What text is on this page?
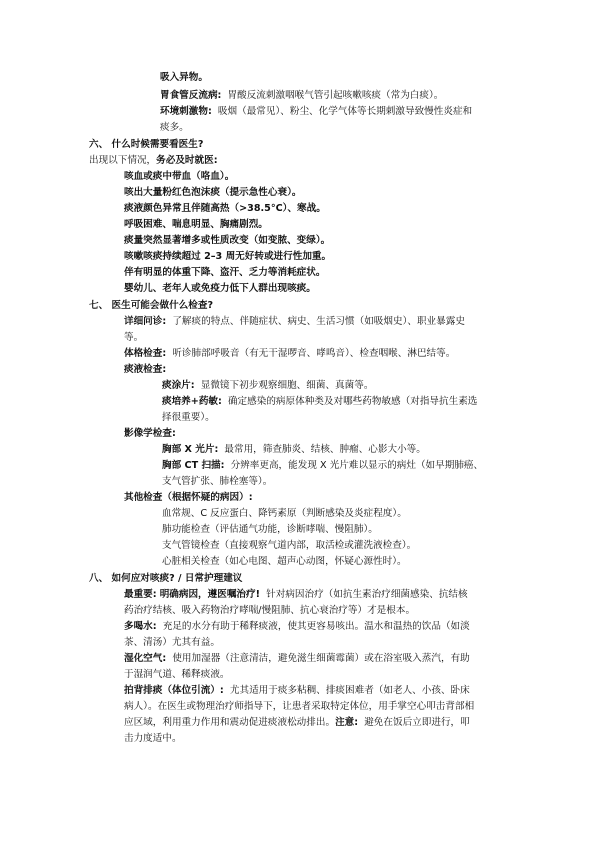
吸入异物。
胃食管反流病: 胃酸反流刺激咽喉气管引起咳嗽咳痰（常为白痰）。
环境刺激物: 吸烟（最常见）、粉尘、化学气体等长期刺激导致慢性炎症和
痰多。
六、 什么时候需要看医生?
出现以下情况，务必及时就医:
咳血或痰中带血（咯血）。
咳出大量粉红色泡沫痰（提示急性心衰）。
痰液颜色异常且伴随高热（>38.5°C）、寒战。
呼吸困难、喘息明显、胸痛剧烈。
痰量突然显著增多或性质改变（如变脓、变绿）。
咳嗽咳痰持续超过 2–3 周无好转或进行性加重。
伴有明显的体重下降、盗汗、乏力等消耗症状。
婴幼儿、老年人或免疫力低下人群出现咳痰。
七、 医生可能会做什么检查?
详细问诊: 了解痰的特点、伴随症状、病史、生活习惯（如吸烟史）、职业暴露史
等。
体格检查: 听诊肺部呼吸音（有无干湿啰音、哮鸣音）、检查咽喉、淋巴结等。
痰液检查:
痰涂片: 显微镜下初步观察细胞、细菌、真菌等。
痰培养+药敏: 确定感染的病原体种类及对哪些药物敏感（对指导抗生素选
择很重要）。
影像学检查:
胸部 X 光片: 最常用，筛查肺炎、结核、肿瘤、心影大小等。
胸部 CT 扫描: 分辨率更高，能发现 X 光片难以显示的病灶（如早期肺癌、
支气管扩张、肺栓塞等）。
其他检查（根据怀疑的病因）:
血常规、C 反应蛋白、降钙素原（判断感染及炎症程度）。
肺功能检查（评估通气功能，诊断哮喘、慢阻肺）。
支气管镜检查（直接观察气道内部，取活检或灌洗液检查）。
心脏相关检查（如心电图、超声心动图，怀疑心源性时）。
八、 如何应对咳痰? / 日常护理建议
最重要: 明确病因，遵医嘱治疗! 针对病因治疗（如抗生素治疗细菌感染、抗结核
药治疗结核、吸入药物治疗哮喘/慢阻肺、抗心衰治疗等）才是根本。
多喝水: 充足的水分有助于稀释痰液，使其更容易咳出。温水和温热的饮品（如淡
茶、清汤）尤其有益。
湿化空气: 使用加湿器（注意清洁，避免滋生细菌霉菌）或在浴室吸入蒸汽，有助
于湿润气道、稀释痰液。
拍背排痰（体位引流）: 尤其适用于痰多粘稠、排痰困难者（如老人、小孩、卧床
病人）。在医生或物理治疗师指导下，让患者采取特定体位，用手掌空心叩击背部相
应区域，利用重力作用和震动促进痰液松动排出。注意: 避免在饭后立即进行，叩
击力度适中。
